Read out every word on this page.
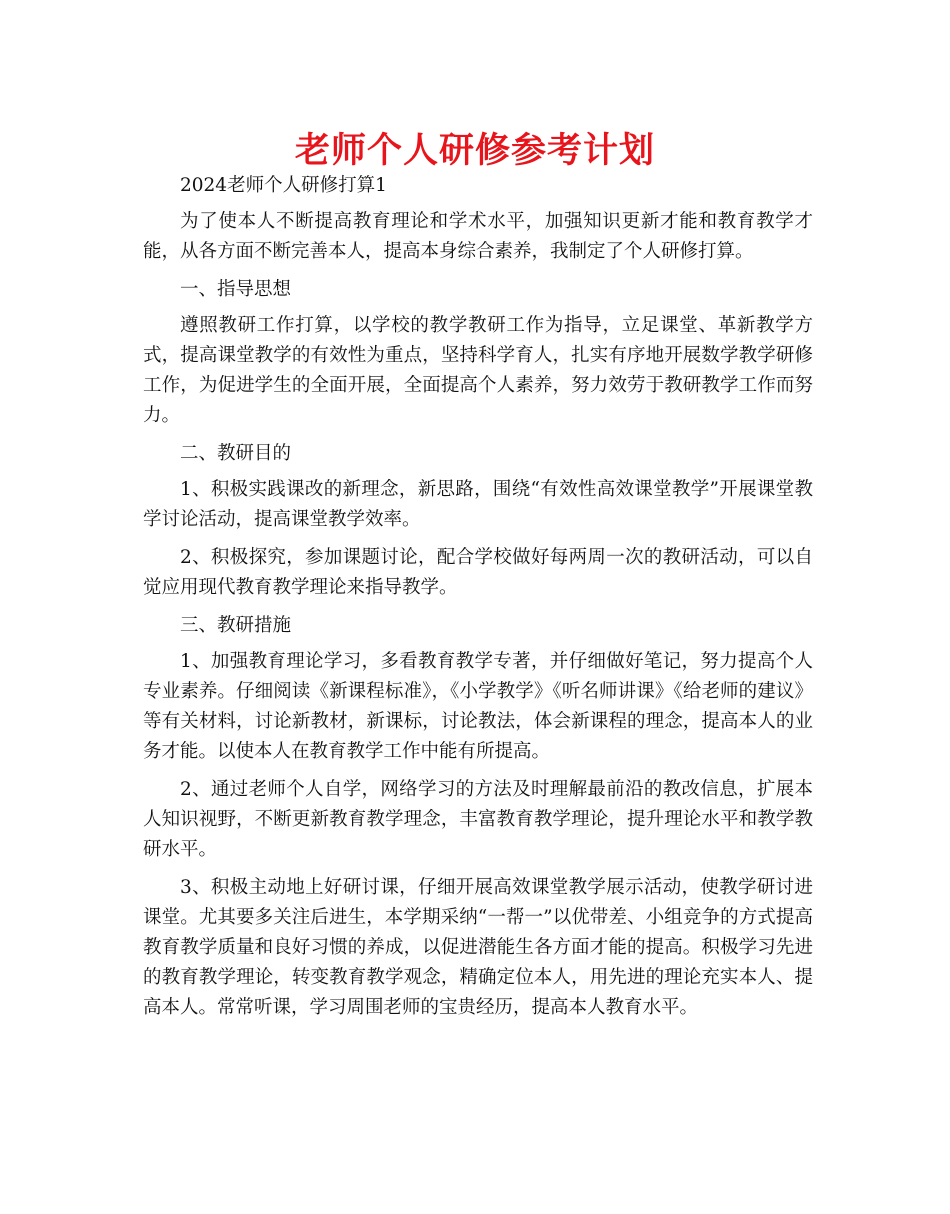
老师个人研修参考计划

2024老师个人研修打算1

为了使本人不断提高教育理论和学术水平，加强知识更新才能和教育教学才能，从各方面不断完善本人，提高本身综合素养，我制定了个人研修打算。

一、指导思想

遵照教研工作打算，以学校的教学教研工作为指导，立足课堂、革新教学方式，提高课堂教学的有效性为重点，坚持科学育人，扎实有序地开展数学教学研修工作，为促进学生的全面开展，全面提高个人素养，努力效劳于教研教学工作而努力。

二、教研目的

1、积极实践课改的新理念，新思路，围绕“有效性高效课堂教学”开展课堂教学讨论活动，提高课堂教学效率。

2、积极探究，参加课题讨论，配合学校做好每两周一次的教研活动，可以自觉应用现代教育教学理论来指导教学。

三、教研措施

1、加强教育理论学习，多看教育教学专著，并仔细做好笔记，努力提高个人专业素养。仔细阅读《新课程标准》，《小学教学》《听名师讲课》《给老师的建议》等有关材料，讨论新教材，新课标，讨论教法，体会新课程的理念，提高本人的业务才能。以使本人在教育教学工作中能有所提高。

2、通过老师个人自学，网络学习的方法及时理解最前沿的教改信息，扩展本人知识视野，不断更新教育教学理念，丰富教育教学理论，提升理论水平和教学教研水平。

3、积极主动地上好研讨课，仔细开展高效课堂教学展示活动，使教学研讨进课堂。尤其要多关注后进生，本学期采纳“一帮一”以优带差、小组竞争的方式提高教育教学质量和良好习惯的养成，以促进潜能生各方面才能的提高。积极学习先进的教育教学理论，转变教育教学观念，精确定位本人，用先进的理论充实本人、提高本人。常常听课，学习周围老师的宝贵经历，提高本人教育水平。
